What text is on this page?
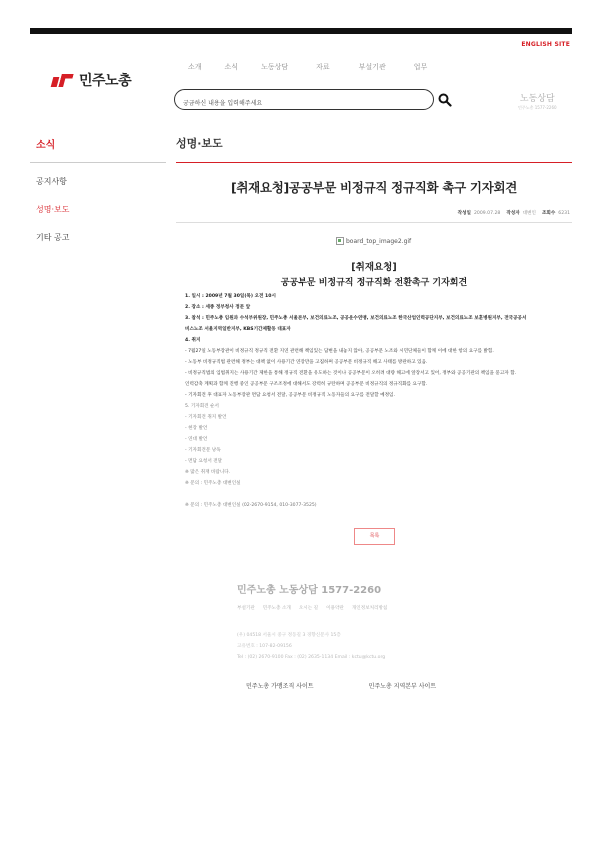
ENGLISH SITE
민주노총
소개	소식	노동상담	자료	부설기관	업무
궁금하신 내용을 입력해주세요
노동상담
민주노총 1577-2260
소식
공지사항
성명·보도
기타 공고
성명·보도
[취재요청]공공부문 비정규직 정규직화 촉구 기자회견
작성일 2009.07.28 작성자 대변인 조회수 6231
board_top_image2.gif
[취재요청]
공공부문 비정규직 정규직화 전환촉구 기자회견

1. 일시 : 2009년 7월 30일(목) 오전 10시

2. 장소 : 세종 정부청사 정문 앞

3. 참석 : 민주노총 임원과 수석부위원장, 민주노총 서울본부, 보건의료노조, 공공운수연맹, 보건의료노조 한국산업인력공단지부, 보건의료노조 보훈병원지부, 전국공공서

비스노조 서울지역일반지부, KBS기간제활동 대표자

4. 취지

- 7월27일 노동부장관이 비정규직 정규직 전환 지연 관련해 책임있는 답변을 내놓지 않아, 공공부문 노조와 시민단체들이 함께 이에 대한 항의 요구를 밝힘.

- 노동부 비정규직법 관련해 정부는 대책 없이 사용기간 연장만을 고집하며 공공부문 비정규직 해고 사태를 방관하고 있음.

- 비정규직법의 입법취지는 사용기간 제한을 통해 정규직 전환을 유도하는 것이나 공공부문이 오히려 대량 해고에 앞장서고 있어, 정부와 공공기관의 책임을 묻고자 함.

인력감축 계획과 함께 진행 중인 공공부문 구조조정에 대해서도 강력히 규탄하며 공공부문 비정규직의 정규직화를 요구함.

- 기자회견 후 대표자 노동부장관 면담 요청서 전달, 공공부문 비정규직 노동자들의 요구를 전달할 예정임.

5. 기자회견 순서

- 기자회견 취지 발언

- 현장 발언

- 연대 발언

- 기자회견문 낭독

- 면담 요청서 전달

※ 많은 취재 바랍니다.

※ 문의 : 민주노총 대변인실

※ 문의 : 민주노총 대변인실 (02-2670-9154, 010-3077-3525)

목록
민주노총 노동상담 1577-2260
부설기관 민주노총 소개 오시는 길 이용약관 개인정보처리방침
(우) 04518 서울시 중구 정동길 3 경향신문사 15층
고유번호 : 107-82-09156
Tel : (02) 2670-9100 Fax : (02) 2635-1134 Email : kctu@kctu.org
민주노총 가맹조직 사이트	민주노총 지역본부 사이트
